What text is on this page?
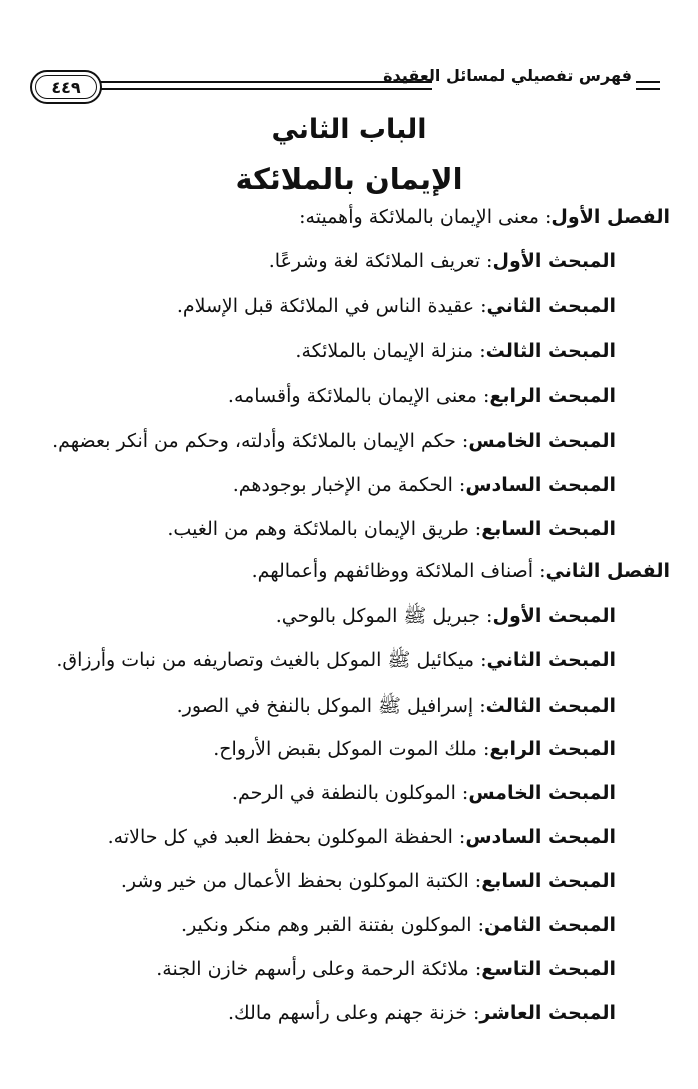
فهرس تفصيلي لمسائل العقيدة
٤٤٩
الباب الثاني
الإيمان بالملائكة
الفصل الأول: معنى الإيمان بالملائكة وأهميته:
المبحث الأول: تعريف الملائكة لغة وشرعًا.
المبحث الثاني: عقيدة الناس في الملائكة قبل الإسلام.
المبحث الثالث: منزلة الإيمان بالملائكة.
المبحث الرابع: معنى الإيمان بالملائكة وأقسامه.
المبحث الخامس: حكم الإيمان بالملائكة وأدلته، وحكم من أنكر بعضهم.
المبحث السادس: الحكمة من الإخبار بوجودهم.
المبحث السابع: طريق الإيمان بالملائكة وهم من الغيب.
الفصل الثاني: أصناف الملائكة ووظائفهم وأعمالهم.
المبحث الأول: جبريل ﷺ الموكل بالوحي.
المبحث الثاني: ميكائيل ﷺ الموكل بالغيث وتصاريفه من نبات وأرزاق.
المبحث الثالث: إسرافيل ﷺ الموكل بالنفخ في الصور.
المبحث الرابع: ملك الموت الموكل بقبض الأرواح.
المبحث الخامس: الموكلون بالنطفة في الرحم.
المبحث السادس: الحفظة الموكلون بحفظ العبد في كل حالاته.
المبحث السابع: الكتبة الموكلون بحفظ الأعمال من خير وشر.
المبحث الثامن: الموكلون بفتنة القبر وهم منكر ونكير.
المبحث التاسع: ملائكة الرحمة وعلى رأسهم خازن الجنة.
المبحث العاشر: خزنة جهنم وعلى رأسهم مالك.
